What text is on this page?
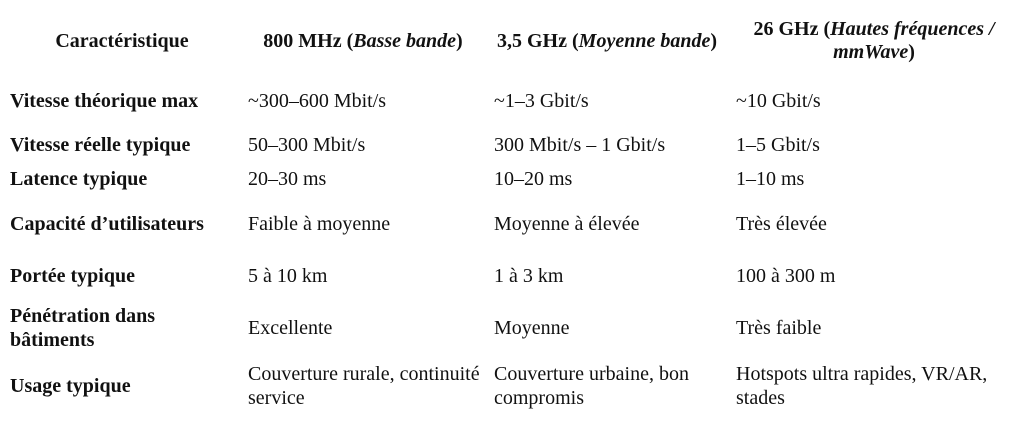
Caractéristique	800 MHz (Basse bande)	3,5 GHz (Moyenne bande)	26 GHz (Hautes fréquences / mmWave)
Vitesse théorique max	~300–600 Mbit/s	~1–3 Gbit/s	~10 Gbit/s
Vitesse réelle typique	50–300 Mbit/s	300 Mbit/s – 1 Gbit/s	1–5 Gbit/s
Latence typique	20–30 ms	10–20 ms	1–10 ms
Capacité d’utilisateurs	Faible à moyenne	Moyenne à élevée	Très élevée
Portée typique	5 à 10 km	1 à 3 km	100 à 300 m
Pénétration dans bâtiments	Excellente	Moyenne	Très faible
Usage typique	Couverture rurale, continuité service	Couverture urbaine, bon compromis	Hotspots ultra rapides, VR/AR, stades
